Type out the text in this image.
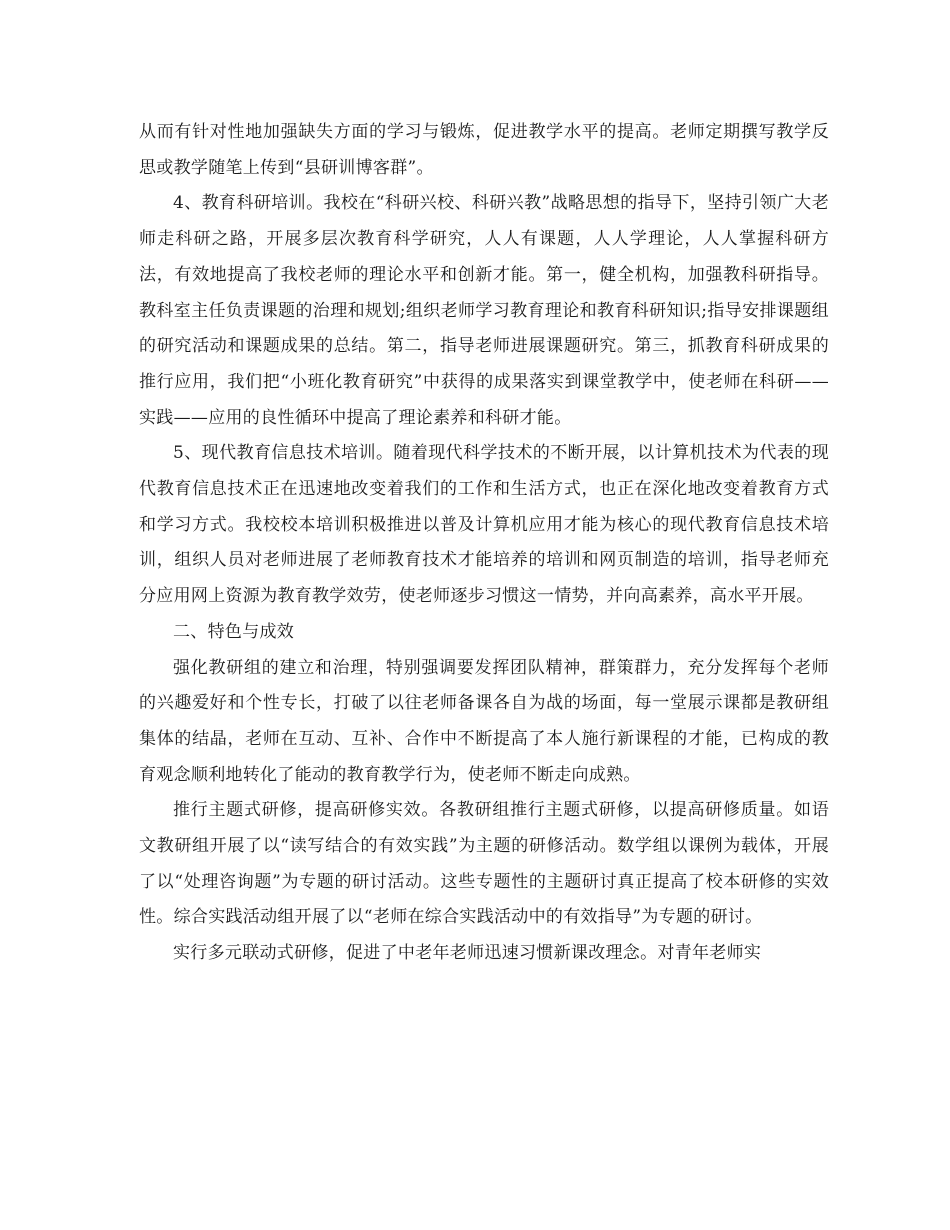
从而有针对性地加强缺失方面的学习与锻炼，促进教学水平的提高。老师定期撰写教学反思或教学随笔上传到“县研训博客群”。

4、教育科研培训。我校在“科研兴校、科研兴教”战略思想的指导下，坚持引领广大老师走科研之路，开展多层次教育科学研究，人人有课题，人人学理论，人人掌握科研方法，有效地提高了我校老师的理论水平和创新才能。第一，健全机构，加强教科研指导。教科室主任负责课题的治理和规划;组织老师学习教育理论和教育科研知识;指导安排课题组的研究活动和课题成果的总结。第二，指导老师进展课题研究。第三，抓教育科研成果的推行应用，我们把“小班化教育研究”中获得的成果落实到课堂教学中，使老师在科研——实践——应用的良性循环中提高了理论素养和科研才能。

5、现代教育信息技术培训。随着现代科学技术的不断开展，以计算机技术为代表的现代教育信息技术正在迅速地改变着我们的工作和生活方式，也正在深化地改变着教育方式和学习方式。我校校本培训积极推进以普及计算机应用才能为核心的现代教育信息技术培训，组织人员对老师进展了老师教育技术才能培养的培训和网页制造的培训，指导老师充分应用网上资源为教育教学效劳，使老师逐步习惯这一情势，并向高素养，高水平开展。

二、特色与成效

强化教研组的建立和治理，特别强调要发挥团队精神，群策群力，充分发挥每个老师的兴趣爱好和个性专长，打破了以往老师备课各自为战的场面，每一堂展示课都是教研组集体的结晶，老师在互动、互补、合作中不断提高了本人施行新课程的才能，已构成的教育观念顺利地转化了能动的教育教学行为，使老师不断走向成熟。

推行主题式研修，提高研修实效。各教研组推行主题式研修，以提高研修质量。如语文教研组开展了以“读写结合的有效实践”为主题的研修活动。数学组以课例为载体，开展了以“处理咨询题”为专题的研讨活动。这些专题性的主题研讨真正提高了校本研修的实效性。综合实践活动组开展了以“老师在综合实践活动中的有效指导”为专题的研讨。

实行多元联动式研修，促进了中老年老师迅速习惯新课改理念。对青年老师实
